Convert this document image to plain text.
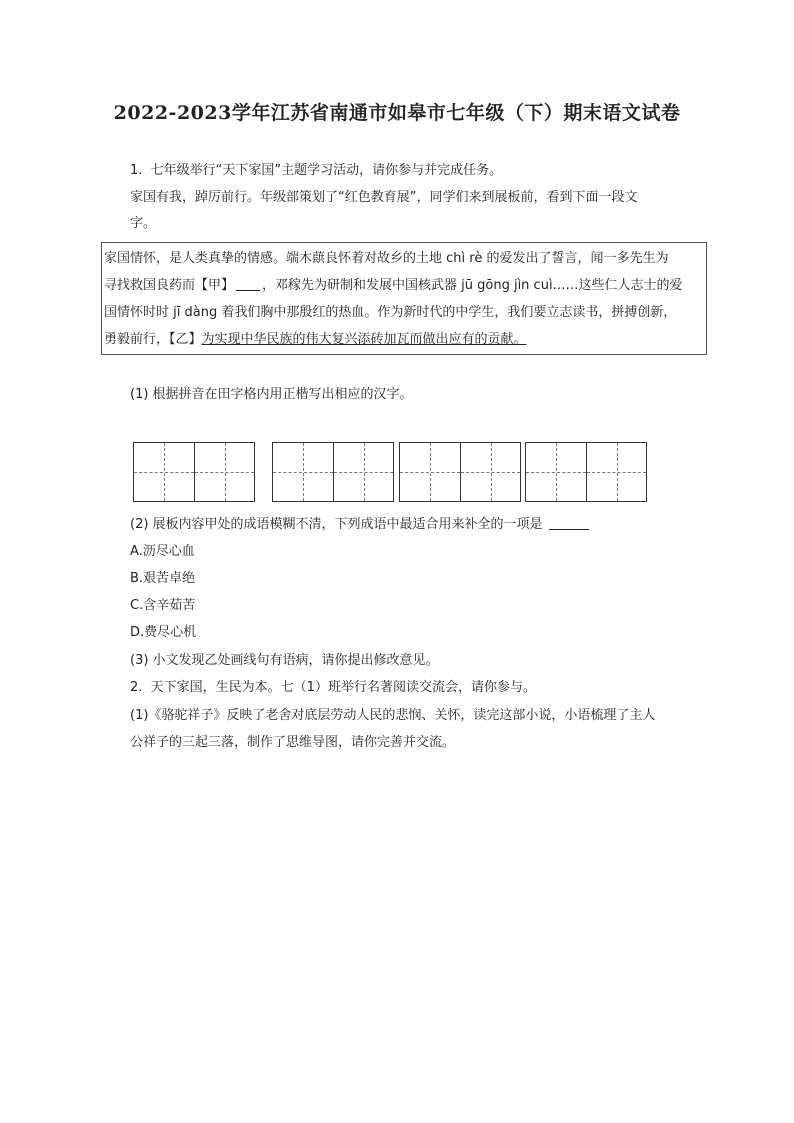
2022-2023学年江苏省南通市如皋市七年级（下）期末语文试卷
1. 七年级举行“天下家国”主题学习活动，请你参与并完成任务。
家国有我，踔厉前行。年级部策划了“红色教育展”，同学们来到展板前，看到下面一段文
字。
家国情怀，是人类真挚的情感。端木蕻良怀着对故乡的土地 chì rè 的爱发出了誓言，闻一多先生为
寻找救国良药而【甲】 ，邓稼先为研制和发展中国核武器 jū gōng jìn cuì……这些仁人志士的爱
国情怀时时 jī dàng 着我们胸中那殷红的热血。作为新时代的中学生，我们要立志读书，拼搏创新，
勇毅前行，【乙】为实现中华民族的伟大复兴添砖加瓦而做出应有的贡献。
(1) 根据拼音在田字格内用正楷写出相应的汉字。
(2) 展板内容甲处的成语模糊不清，下列成语中最适合用来补全的一项是
A.沥尽心血
B.艰苦卓绝
C.含辛茹苦
D.费尽心机
(3) 小文发现乙处画线句有语病，请你提出修改意见。
2. 天下家国，生民为本。七（1）班举行名著阅读交流会，请你参与。
(1)《骆驼祥子》反映了老舍对底层劳动人民的悲悯、关怀，读完这部小说，小语梳理了主人
公祥子的三起三落，制作了思维导图，请你完善并交流。
